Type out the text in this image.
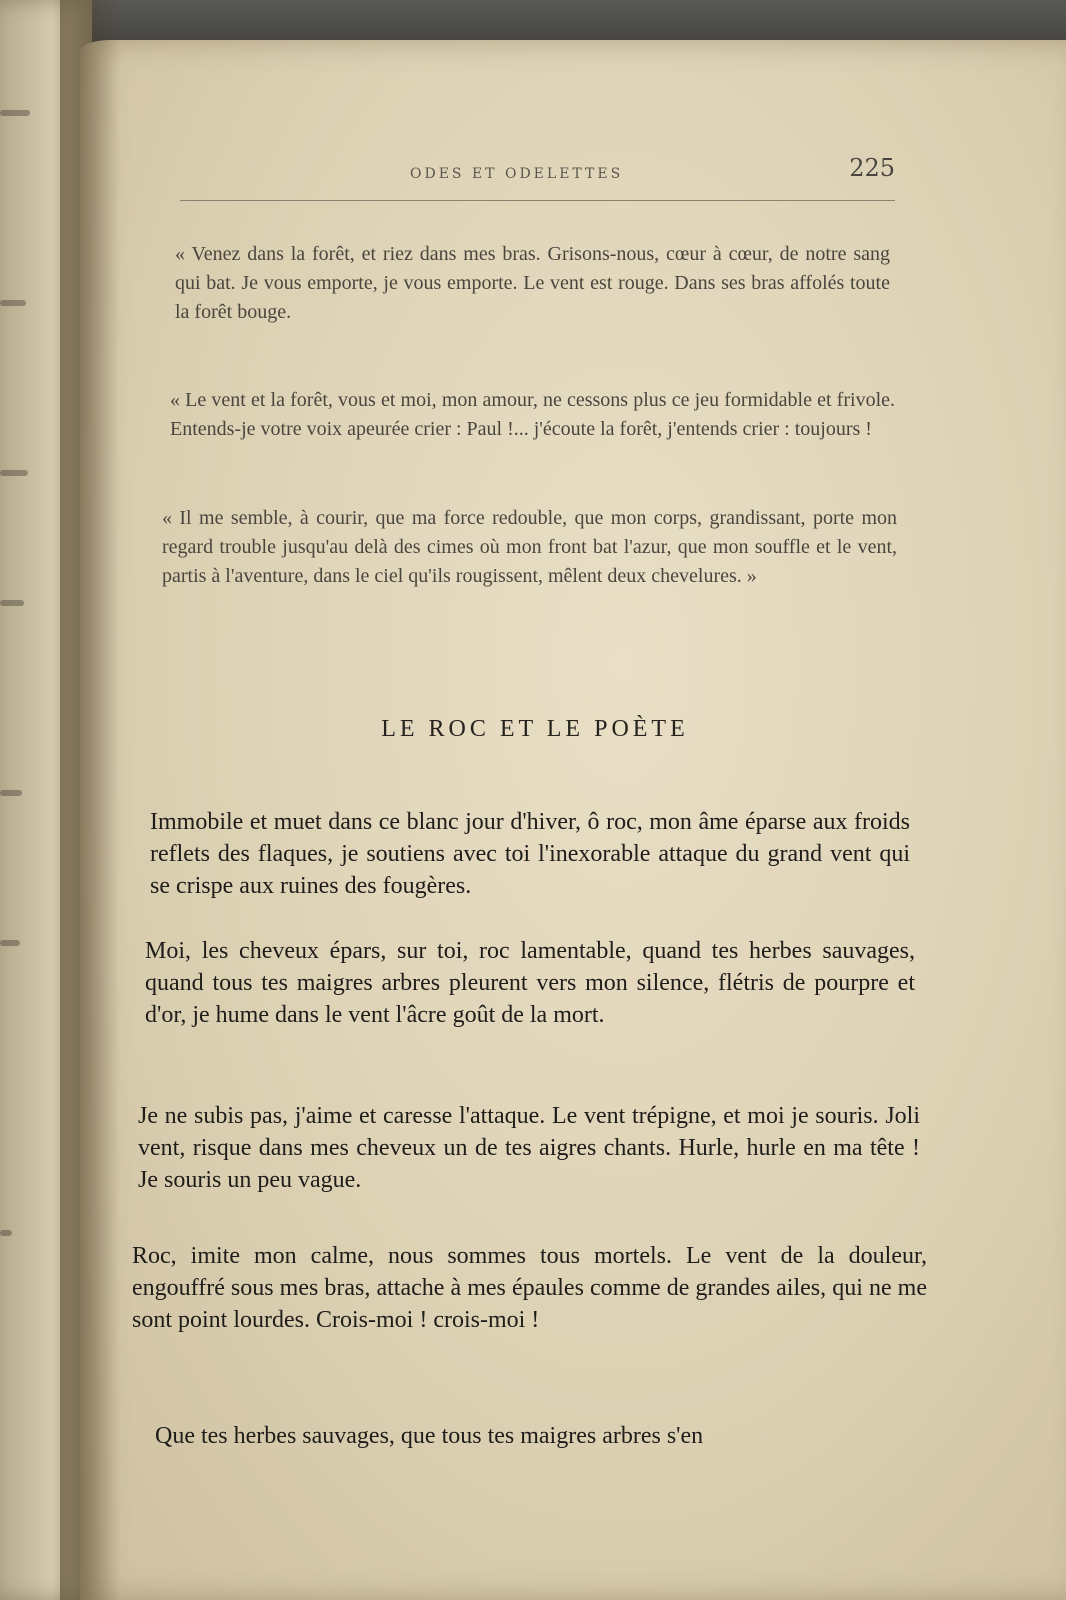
ODES ET ODELETTES	225
« Venez dans la forêt, et riez dans mes bras. Grisons-nous, cœur à cœur, de notre sang qui bat. Je vous emporte, je vous emporte. Le vent est rouge. Dans ses bras affolés toute la forêt bouge.
« Le vent et la forêt, vous et moi, mon amour, ne cessons plus ce jeu formidable et frivole. Entends-je votre voix apeurée crier : Paul !... j'écoute la forêt, j'entends crier : toujours !
« Il me semble, à courir, que ma force redouble, que mon corps, grandissant, porte mon regard trouble jusqu'au delà des cimes où mon front bat l'azur, que mon souffle et le vent, partis à l'aventure, dans le ciel qu'ils rougissent, mêlent deux chevelures. »
LE ROC ET LE POÈTE
Immobile et muet dans ce blanc jour d'hiver, ô roc, mon âme éparse aux froids reflets des flaques, je soutiens avec toi l'inexorable attaque du grand vent qui se crispe aux ruines des fougères.
Moi, les cheveux épars, sur toi, roc lamentable, quand tes herbes sauvages, quand tous tes maigres arbres pleurent vers mon silence, flétris de pourpre et d'or, je hume dans le vent l'âcre goût de la mort.
Je ne subis pas, j'aime et caresse l'attaque. Le vent trépigne, et moi je souris. Joli vent, risque dans mes cheveux un de tes aigres chants. Hurle, hurle en ma tête ! Je souris un peu vague.
Roc, imite mon calme, nous sommes tous mortels. Le vent de la douleur, engouffré sous mes bras, attache à mes épaules comme de grandes ailes, qui ne me sont point lourdes. Crois-moi ! crois-moi !
Que tes herbes sauvages, que tous tes maigres arbres s'en
